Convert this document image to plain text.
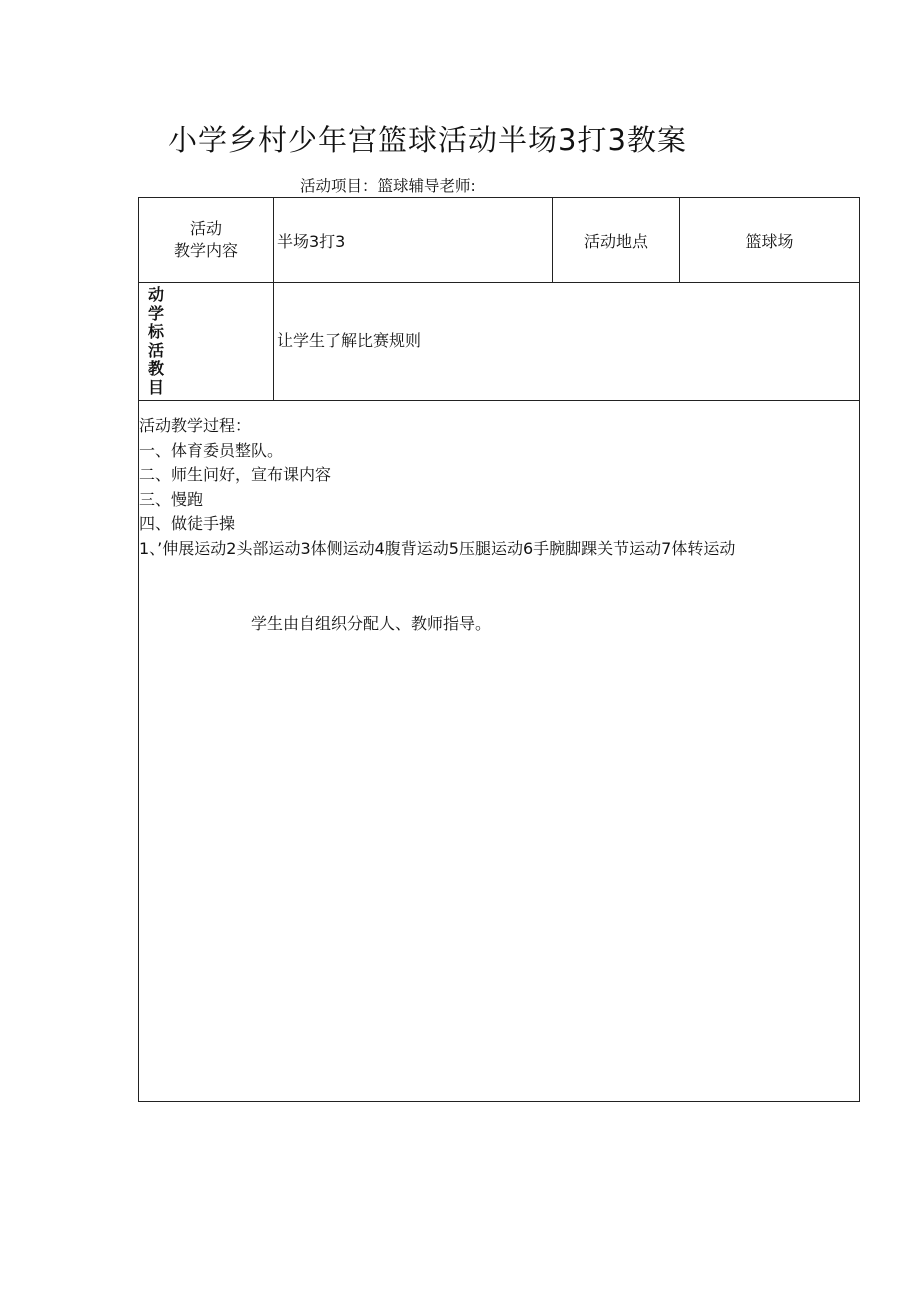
小学乡村少年宫篮球活动半场3打3教案
活动项目：篮球辅导老师:
活动
教学内容 半场3打3	活动地点	篮球场
动
学
标
活
教
目
让学生了解比赛规则
活动教学过程：
一、体育委员整队。
二、师生问好，宣布课内容
三、慢跑
四、做徒手操
1、’伸展运动2头部运动3体侧运动4腹背运动5压腿运动6手腕脚踝关节运动7体转运动
学生由自组织分配人、教师指导。
